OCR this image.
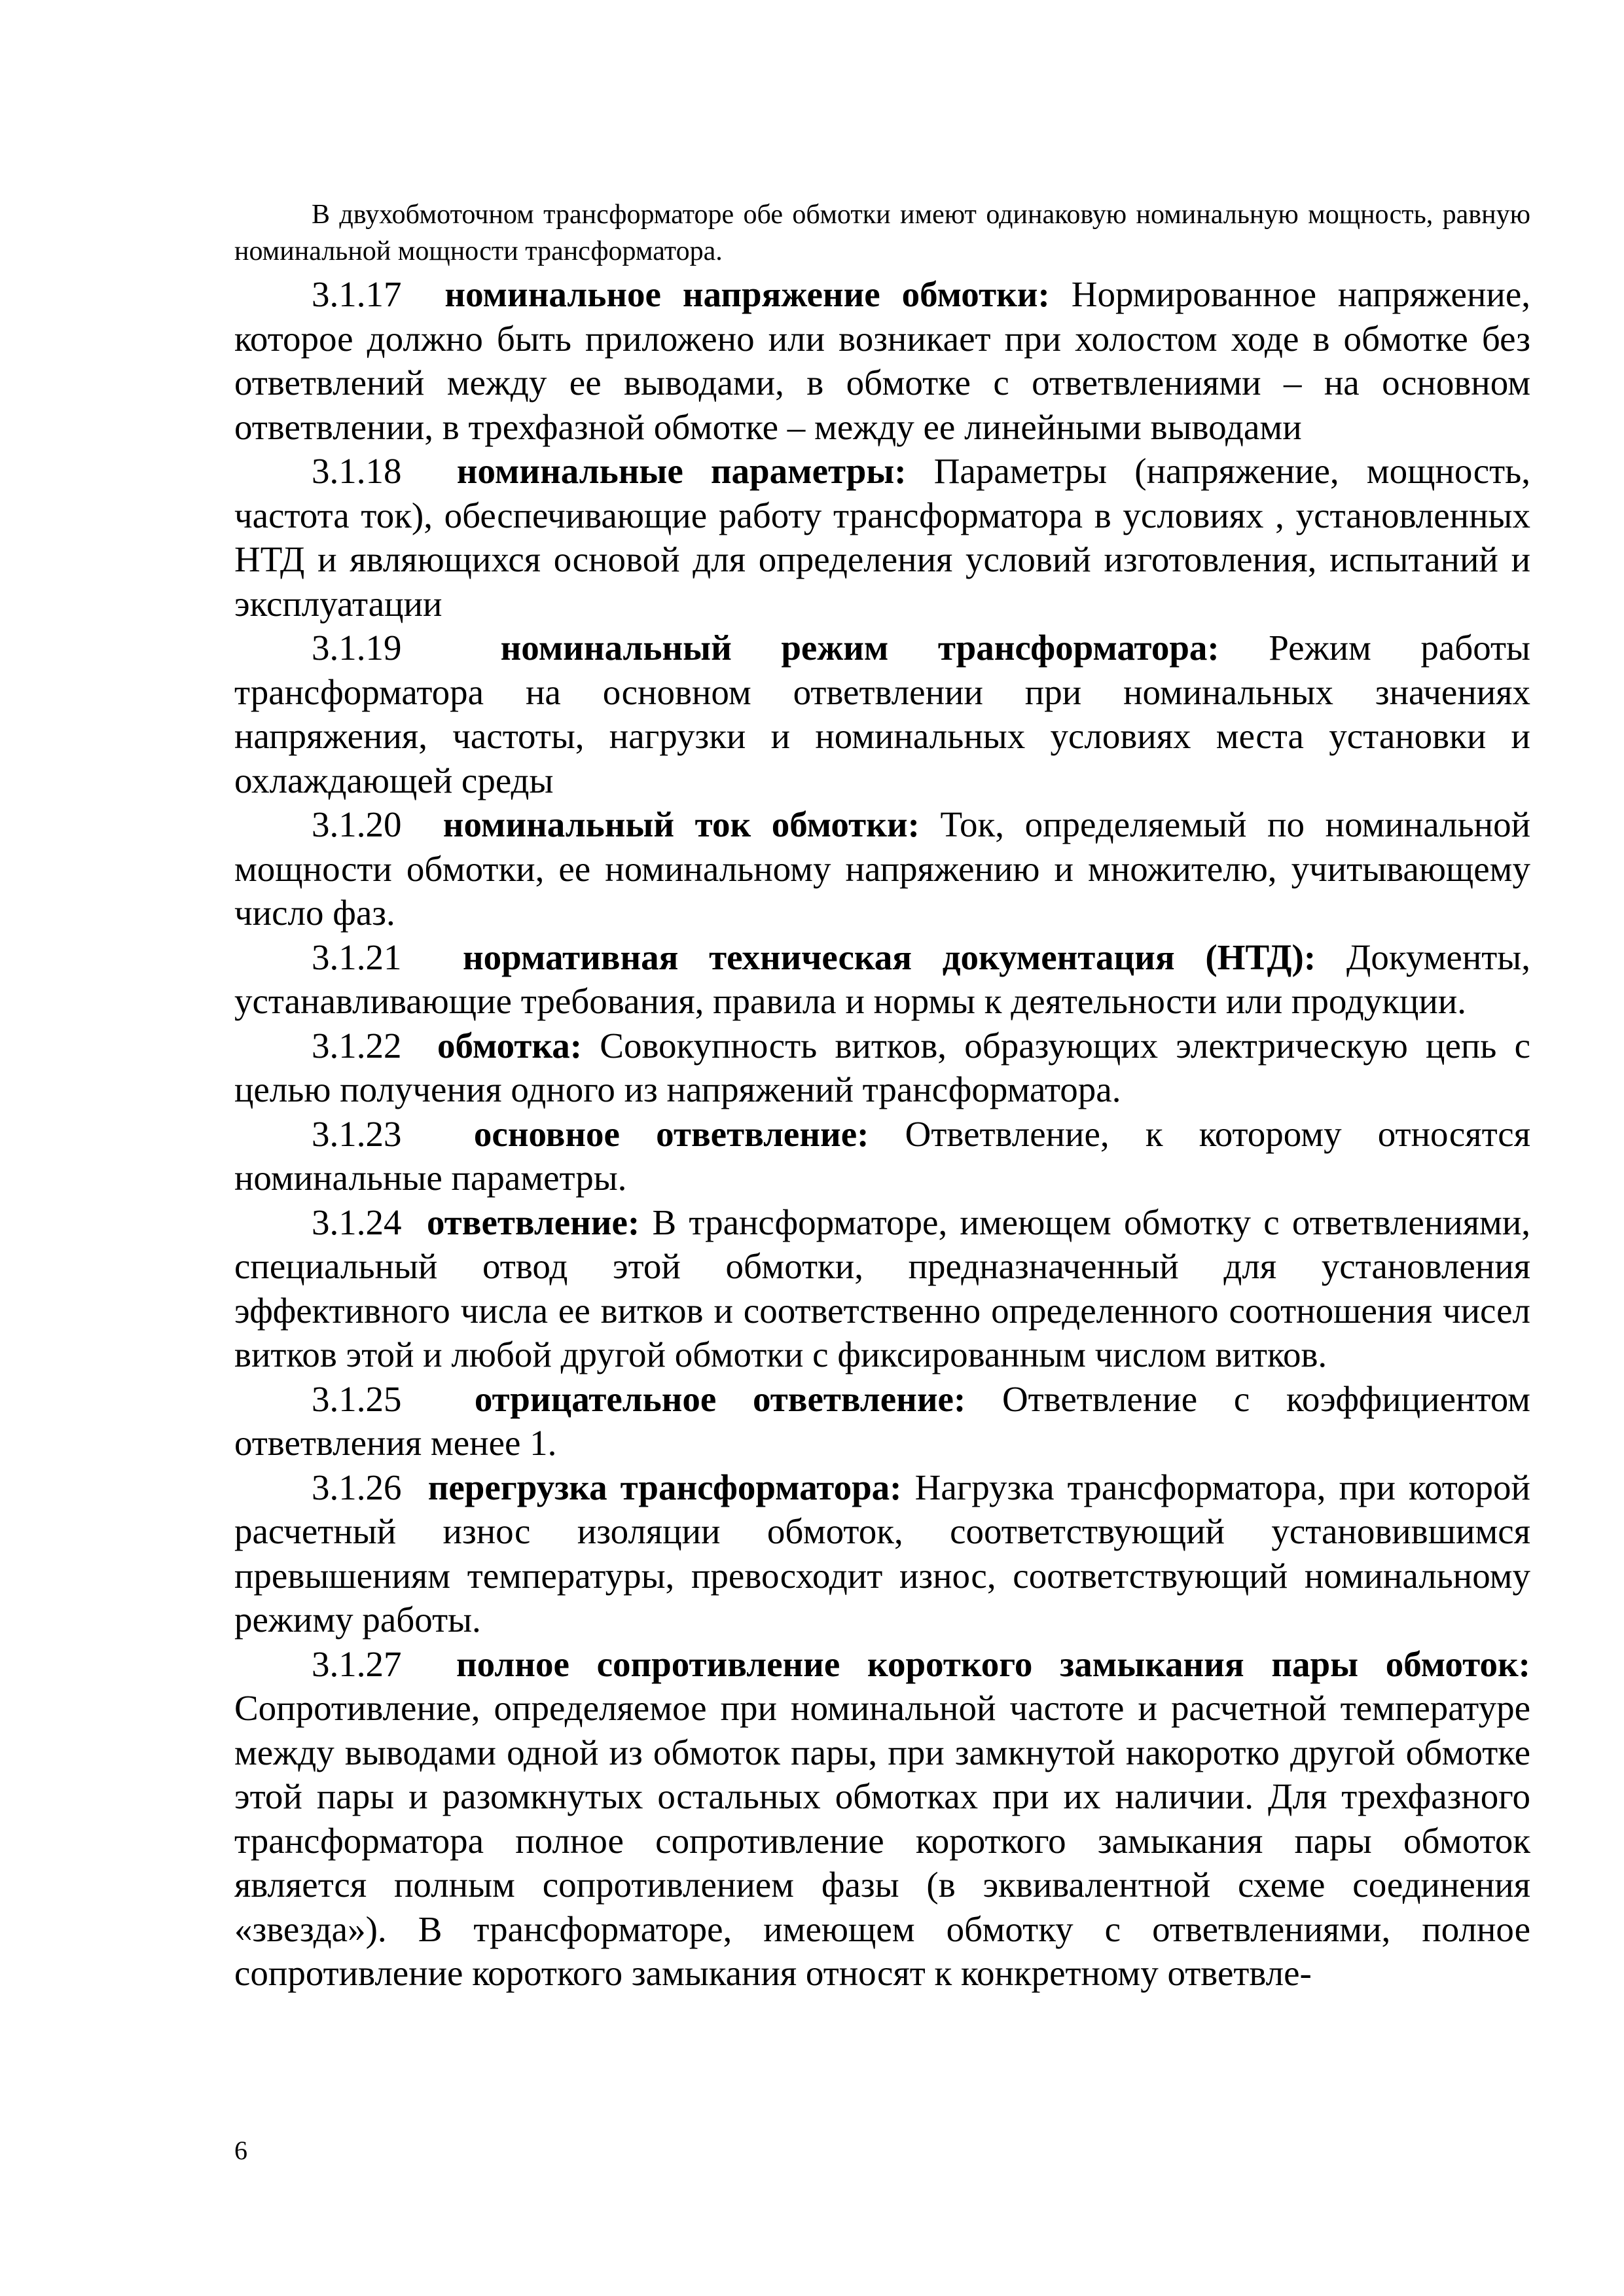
В двухобмоточном трансформаторе обе обмотки имеют одинаковую номинальную мощность, равную номинальной мощности трансформатора.

3.1.17 номинальное напряжение обмотки: Нормированное напряжение, которое должно быть приложено или возникает при холостом ходе в обмотке без ответвлений между ее выводами, в обмотке с ответвлениями – на основном ответвлении, в трехфазной обмотке – между ее линейными выводами

3.1.18 номинальные параметры: Параметры (напряжение, мощность, частота ток), обеспечивающие работу трансформатора в условиях , установленных НТД и являющихся основой для определения условий изготовления, испытаний и эксплуатации

3.1.19	номинальный режим трансформатора: Режим работы трансформатора на основном ответвлении при номинальных значениях напряжения, частоты, нагрузки и номинальных условиях места установки и охлаждающей среды

3.1.20 номинальный ток обмотки: Ток, определяемый по номинальной мощности обмотки, ее номинальному напряжению и множителю, учитывающему число фаз.

3.1.21 нормативная техническая документация (НТД): Документы, устанавливающие требования, правила и нормы к деятельности или продукции.

3.1.22 обмотка: Совокупность витков, образующих электрическую цепь с целью получения одного из напряжений трансформатора.

3.1.23 основное ответвление: Ответвление, к которому относятся номинальные параметры.

3.1.24 ответвление: В трансформаторе, имеющем обмотку с ответвлениями, специальный отвод этой обмотки, предназначенный для установления эффективного числа ее витков и соответственно определенного соотношения чисел витков этой и любой другой обмотки с фиксированным числом витков.

3.1.25 отрицательное ответвление: Ответвление с коэффициентом ответвления менее 1.

3.1.26 перегрузка трансформатора: Нагрузка трансформатора, при которой расчетный износ изоляции обмоток, соответствующий установившимся превышениям температуры, превосходит износ, соответствующий номинальному режиму работы.

3.1.27 полное сопротивление короткого замыкания пары обмоток: Сопротивление, определяемое при номинальной частоте и расчетной температуре между выводами одной из обмоток пары, при замкнутой накоротко другой обмотке этой пары и разомкнутых остальных обмотках при их наличии. Для трехфазного трансформатора полное сопротивление короткого замыкания пары обмоток является полным сопротивлением фазы (в эквивалентной схеме соединения «звезда»). В трансформаторе, имеющем обмотку с ответвлениями, полное сопротивление короткого замыкания относят к конкретному ответвле-

6
